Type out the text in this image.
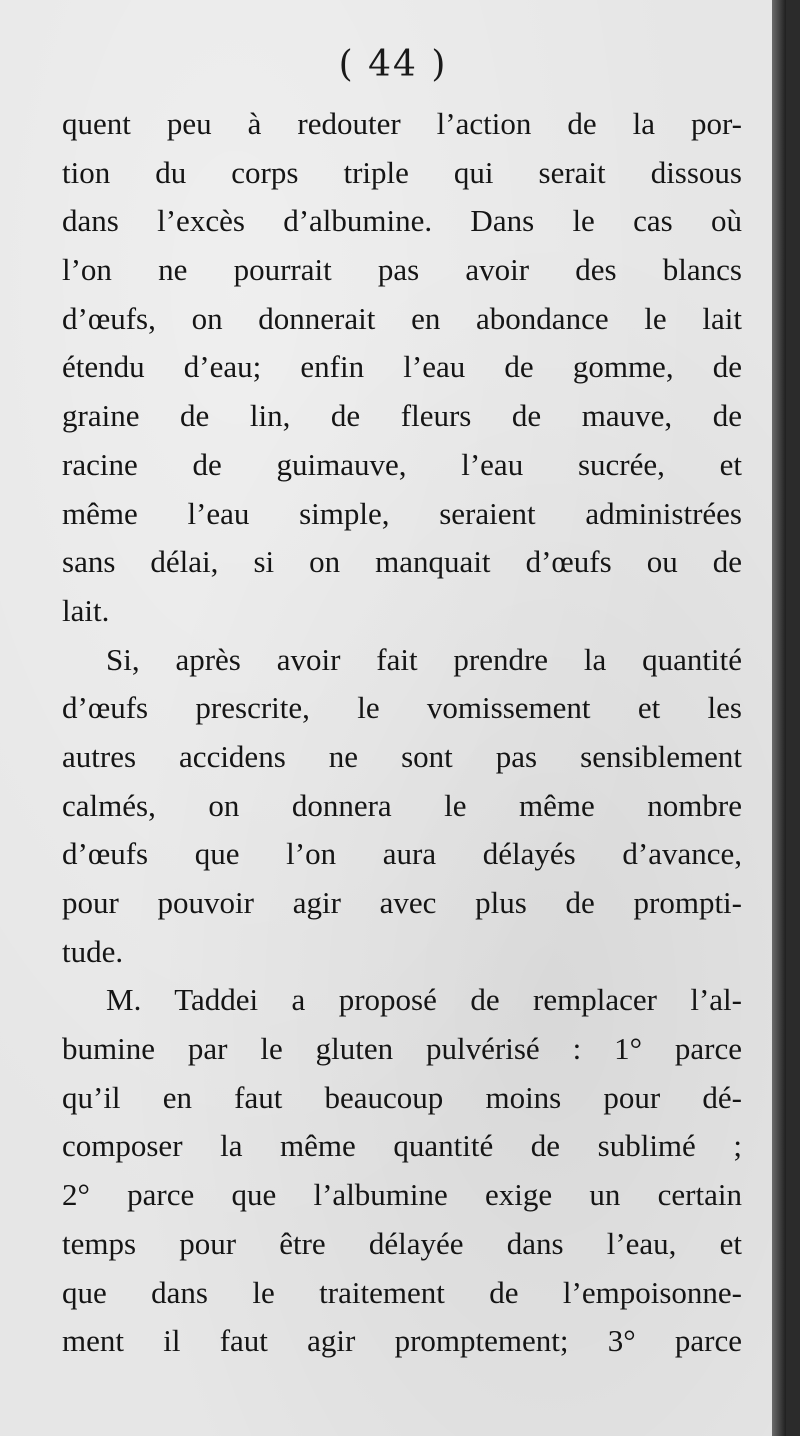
( 44 )
quent peu à redouter l’action de la por-
tion du corps triple qui serait dissous
dans l’excès d’albumine. Dans le cas où
l’on ne pourrait pas avoir des blancs
d’œufs, on donnerait en abondance le lait
étendu d’eau; enfin l’eau de gomme, de
graine de lin, de fleurs de mauve, de
racine de guimauve, l’eau sucrée, et
même l’eau simple, seraient administrées
sans délai, si on manquait d’œufs ou de
lait.
Si, après avoir fait prendre la quantité
d’œufs prescrite, le vomissement et les
autres accidens ne sont pas sensiblement
calmés, on donnera le même nombre
d’œufs que l’on aura délayés d’avance,
pour pouvoir agir avec plus de prompti-
tude.
M. Taddei a proposé de remplacer l’al-
bumine par le gluten pulvérisé : 1° parce
qu’il en faut beaucoup moins pour dé-
composer la même quantité de sublimé ;
2° parce que l’albumine exige un certain
temps pour être délayée dans l’eau, et
que dans le traitement de l’empoisonne-
ment il faut agir promptement; 3° parce
